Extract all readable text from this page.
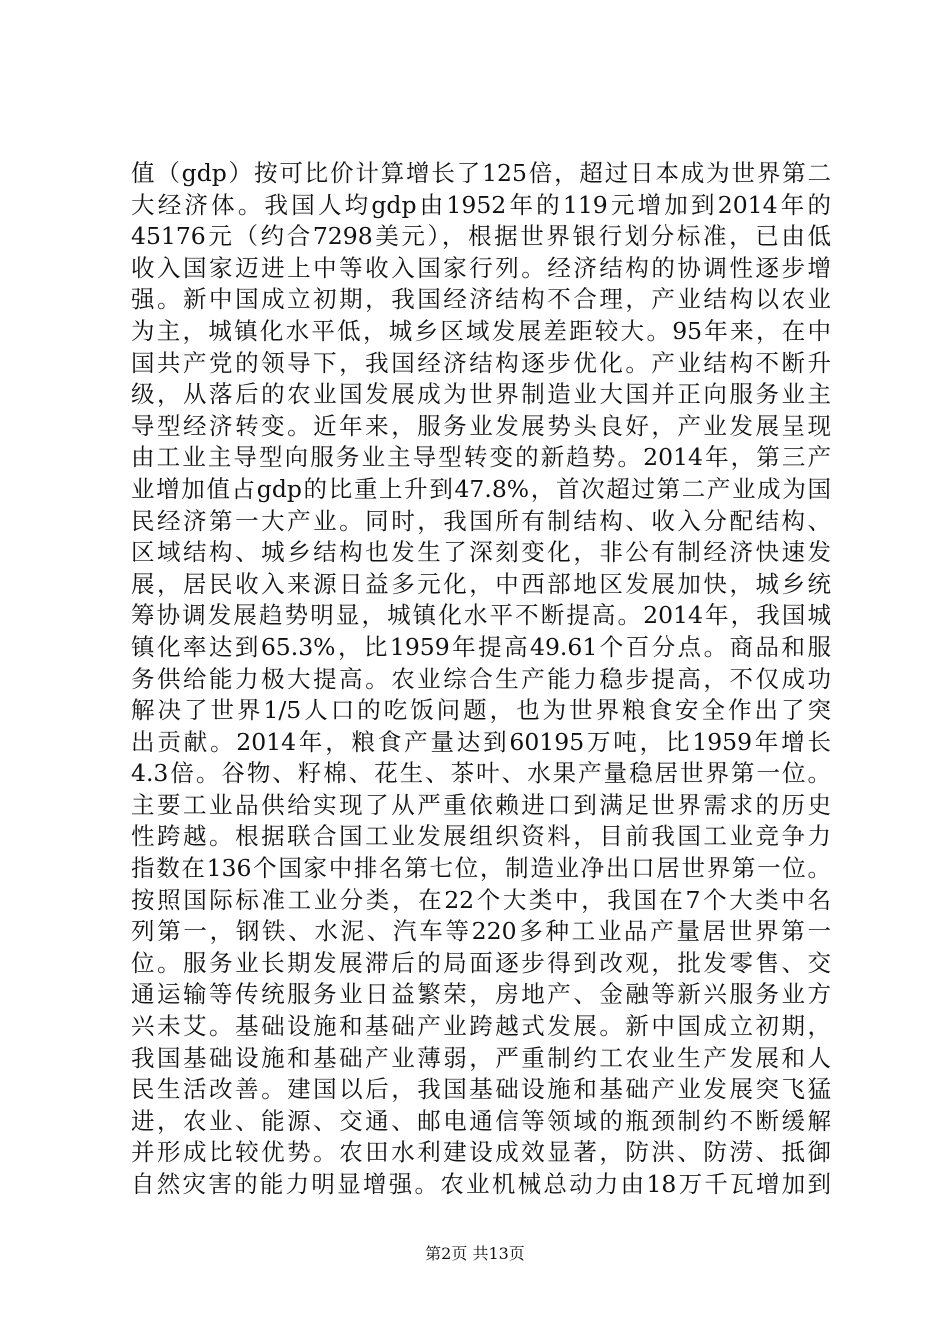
值（gdp）按可比价计算增长了125倍，超过日本成为世界第二
大经济体。我国人均gdp由1952年的119元增加到2014年的
45176元（约合7298美元），根据世界银行划分标准，已由低
收入国家迈进上中等收入国家行列。经济结构的协调性逐步增
强。新中国成立初期，我国经济结构不合理，产业结构以农业
为主，城镇化水平低，城乡区域发展差距较大。95年来，在中
国共产党的领导下，我国经济结构逐步优化。产业结构不断升
级，从落后的农业国发展成为世界制造业大国并正向服务业主
导型经济转变。近年来，服务业发展势头良好，产业发展呈现
由工业主导型向服务业主导型转变的新趋势。2014年，第三产
业增加值占gdp的比重上升到47.8%，首次超过第二产业成为国
民经济第一大产业。同时，我国所有制结构、收入分配结构、
区域结构、城乡结构也发生了深刻变化，非公有制经济快速发
展，居民收入来源日益多元化，中西部地区发展加快，城乡统
筹协调发展趋势明显，城镇化水平不断提高。2014年，我国城
镇化率达到65.3%，比1959年提高49.61个百分点。商品和服
务供给能力极大提高。农业综合生产能力稳步提高，不仅成功
解决了世界1/5人口的吃饭问题，也为世界粮食安全作出了突
出贡献。2014年，粮食产量达到60195万吨，比1959年增长
4.3倍。谷物、籽棉、花生、茶叶、水果产量稳居世界第一位。
主要工业品供给实现了从严重依赖进口到满足世界需求的历史
性跨越。根据联合国工业发展组织资料，目前我国工业竞争力
指数在136个国家中排名第七位，制造业净出口居世界第一位。
按照国际标准工业分类，在22个大类中，我国在7个大类中名
列第一，钢铁、水泥、汽车等220多种工业品产量居世界第一
位。服务业长期发展滞后的局面逐步得到改观，批发零售、交
通运输等传统服务业日益繁荣，房地产、金融等新兴服务业方
兴未艾。基础设施和基础产业跨越式发展。新中国成立初期，
我国基础设施和基础产业薄弱，严重制约工农业生产发展和人
民生活改善。建国以后，我国基础设施和基础产业发展突飞猛
进，农业、能源、交通、邮电通信等领域的瓶颈制约不断缓解
并形成比较优势。农田水利建设成效显著，防洪、防涝、抵御
自然灾害的能力明显增强。农业机械总动力由18万千瓦增加到
第2页 共13页
